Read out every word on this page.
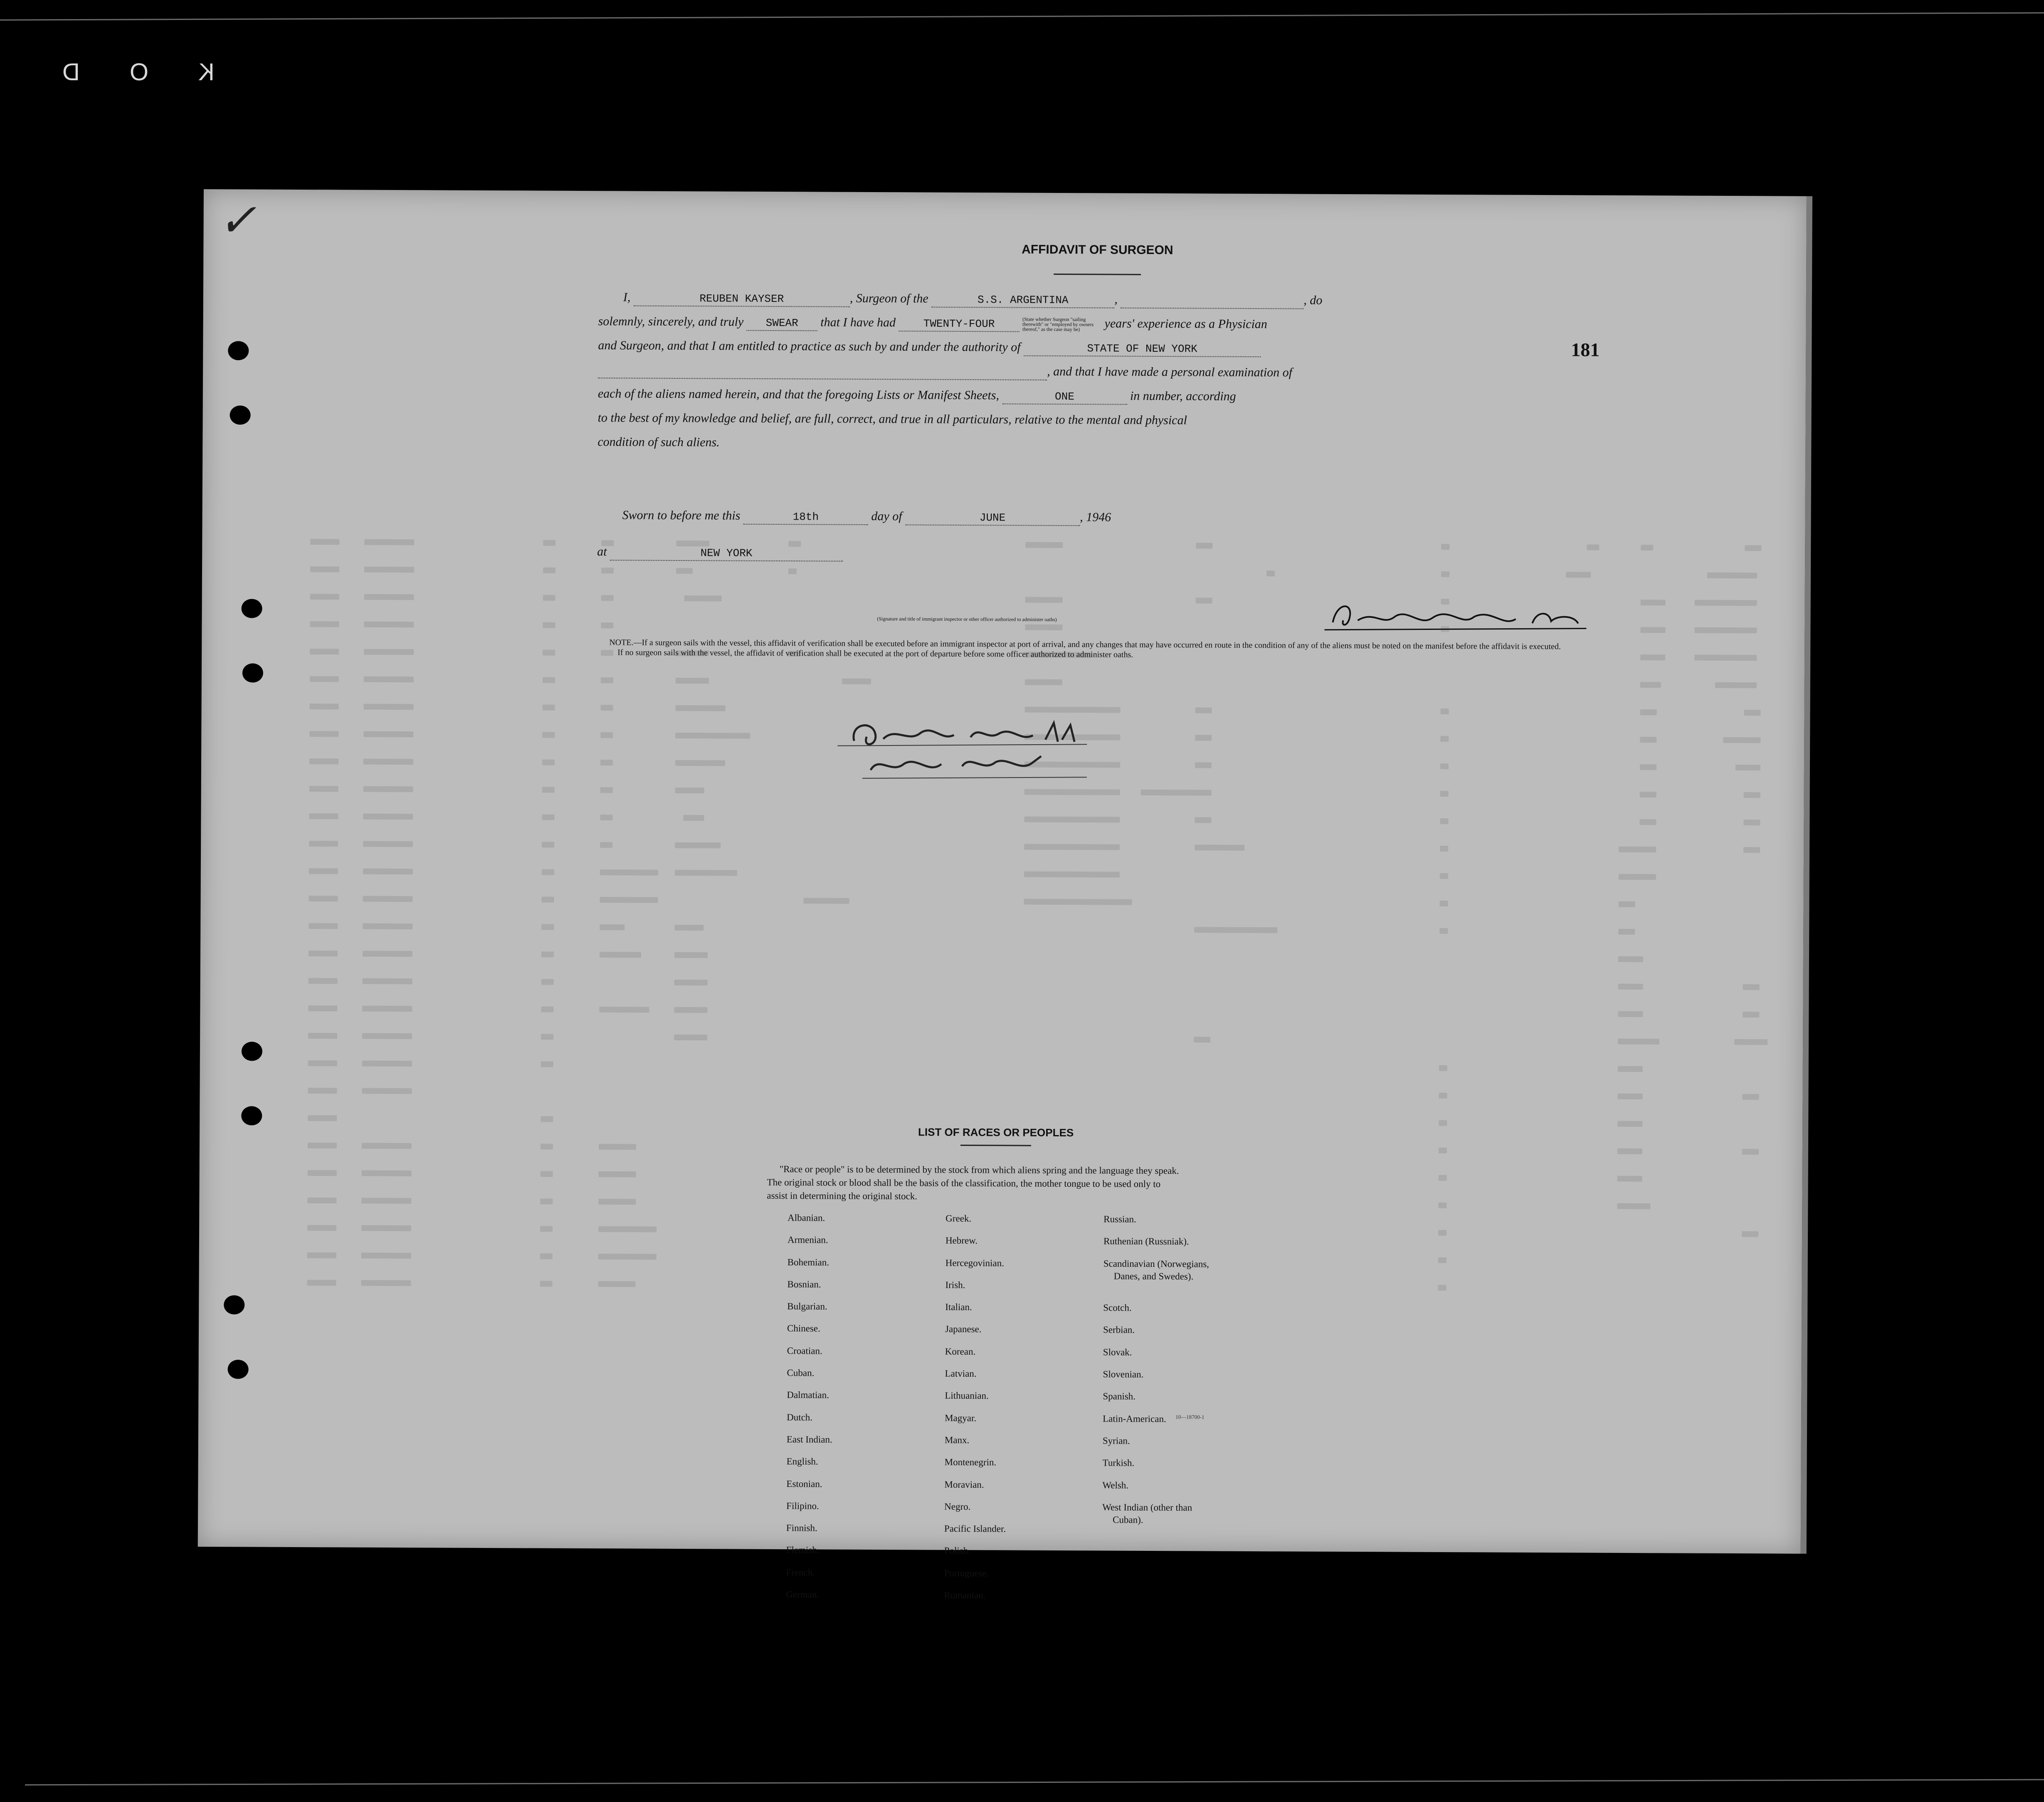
KOD
✓
181
AFFIDAVIT OF SURGEON
I,	REUBEN KAYSER	, Surgeon of the	S.S. ARGENTINA	,	, do
solemnly, sincerely, and truly SWEAR that I have had	TWENTY-FOUR	(State whether Surgeon "sailing therewith" or "employed by owners thereof," as the case may be) years' experience as a Physician
and Surgeon, and that I am entitled to practice as such by and under the authority of	STATE OF NEW YORK
, and that I have made a personal examination of
each of the aliens named herein, and that the foregoing Lists or Manifest Sheets,	ONE	in number, according
to the best of my knowledge and belief, are full, correct, and true in all particulars, relative to the mental and physical
condition of such aliens.
Sworn to before me this	18th	day of	JUNE	, 1946
at	NEW YORK
(Signature and title of immigrant inspector or other officer authorized to administer oaths)
NOTE.—If a surgeon sails with the vessel, this affidavit of verification shall be executed before an immigrant inspector at port of arrival, and any changes that may have occurred en route in the condition of any of the aliens must be noted on the manifest before the affidavit is executed.
If no surgeon sails with the vessel, the affidavit of verification shall be executed at the port of departure before some officer authorized to administer oaths.
LIST OF RACES OR PEOPLES
"Race or people" is to be determined by the stock from which aliens spring and the language they speak. The original stock or blood shall be the basis of the classification, the mother tongue to be used only to assist in determining the original stock.
Albanian.
Armenian.
Bohemian.
Bosnian.
Bulgarian.
Chinese.
Croatian.
Cuban.
Dalmatian.
Dutch.
East Indian.
English.
Estonian.
Filipino.
Finnish.
Flemish.
French.
German.
Greek.
Hebrew.
Hercegovinian.
Irish.
Italian.
Japanese.
Korean.
Latvian.
Lithuanian.
Magyar.
Manx.
Montenegrin.
Moravian.
Negro.
Pacific Islander.
Polish.
Portuguese.
Rumanian.
Russian.
Ruthenian (Russniak).
Scandinavian (Norwegians,
Danes, and Swedes).
Scotch.
Serbian.
Slovak.
Slovenian.
Spanish.
Latin-American.
Syrian.
Turkish.
Welsh.
West Indian (other than
Cuban).
10—18700-1
